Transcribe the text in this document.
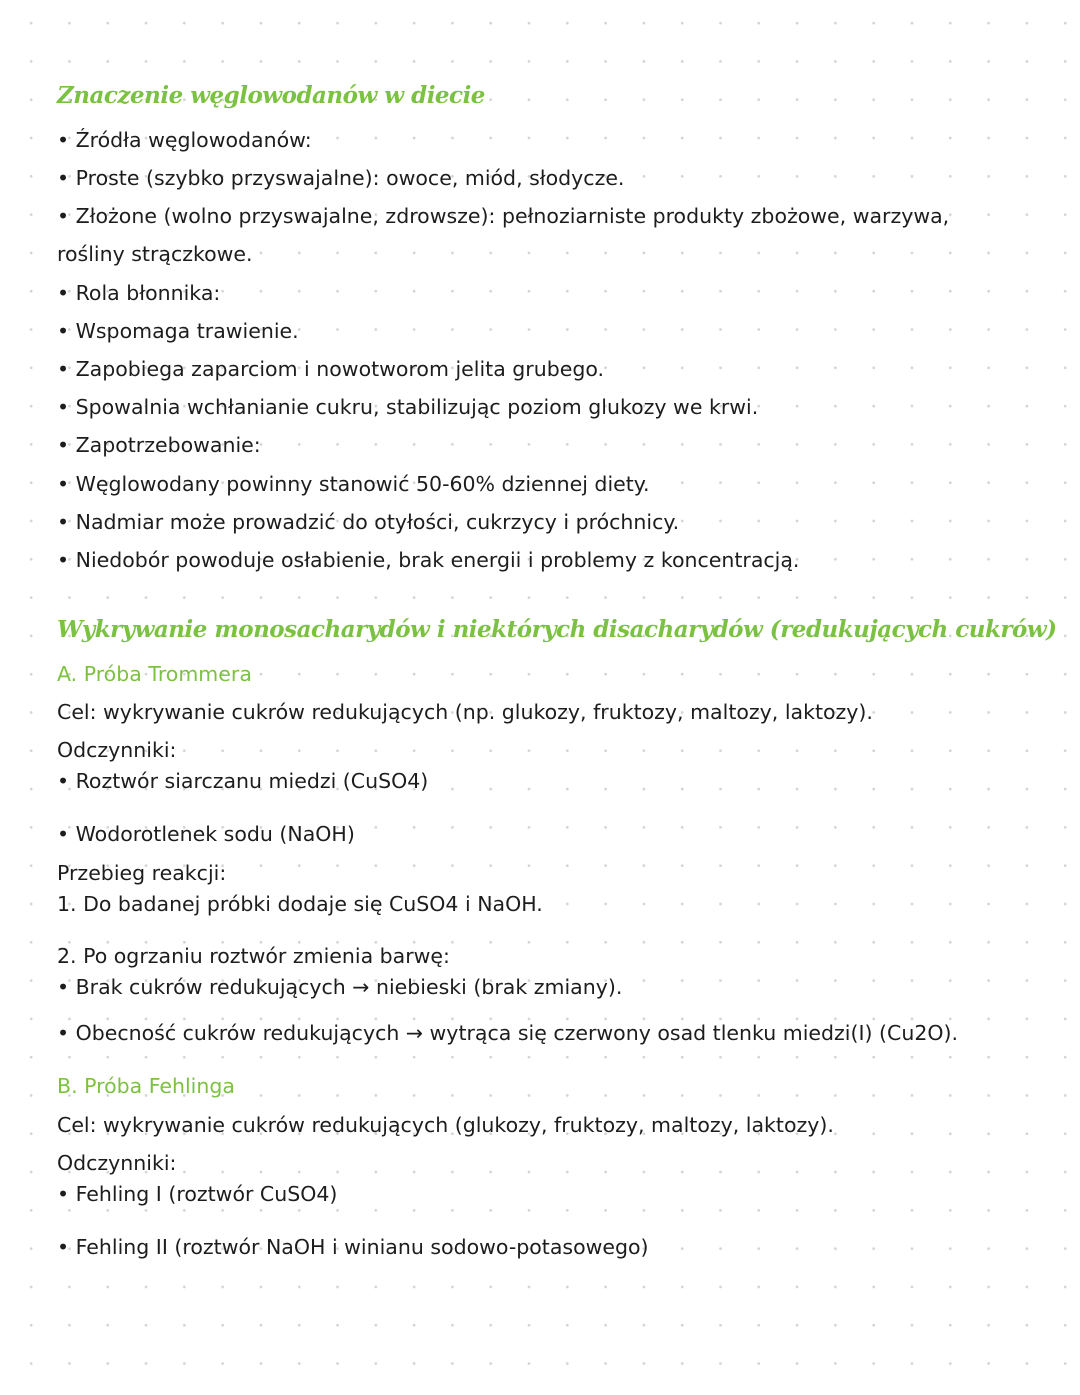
Znaczenie węglowodanów w diecie
• Źródła węglowodanów:
• Proste (szybko przyswajalne): owoce, miód, słodycze.
• Złożone (wolno przyswajalne, zdrowsze): pełnoziarniste produkty zbożowe, warzywa,
rośliny strączkowe.
• Rola błonnika:
• Wspomaga trawienie.
• Zapobiega zaparciom i nowotworom jelita grubego.
• Spowalnia wchłanianie cukru, stabilizując poziom glukozy we krwi.
• Zapotrzebowanie:
• Węglowodany powinny stanowić 50-60% dziennej diety.
• Nadmiar może prowadzić do otyłości, cukrzycy i próchnicy.
• Niedobór powoduje osłabienie, brak energii i problemy z koncentracją.
Wykrywanie monosacharydów i niektórych disacharydów (redukujących cukrów)
A. Próba Trommera
Cel: wykrywanie cukrów redukujących (np. glukozy, fruktozy, maltozy, laktozy).
Odczynniki:
• Roztwór siarczanu miedzi (CuSO4)
• Wodorotlenek sodu (NaOH)
Przebieg reakcji:
1. Do badanej próbki dodaje się CuSO4 i NaOH.
2. Po ogrzaniu roztwór zmienia barwę:
• Brak cukrów redukujących → niebieski (brak zmiany).
• Obecność cukrów redukujących → wytrąca się czerwony osad tlenku miedzi(I) (Cu2O).
B. Próba Fehlinga
Cel: wykrywanie cukrów redukujących (glukozy, fruktozy, maltozy, laktozy).
Odczynniki:
• Fehling I (roztwór CuSO4)
• Fehling II (roztwór NaOH i winianu sodowo-potasowego)
